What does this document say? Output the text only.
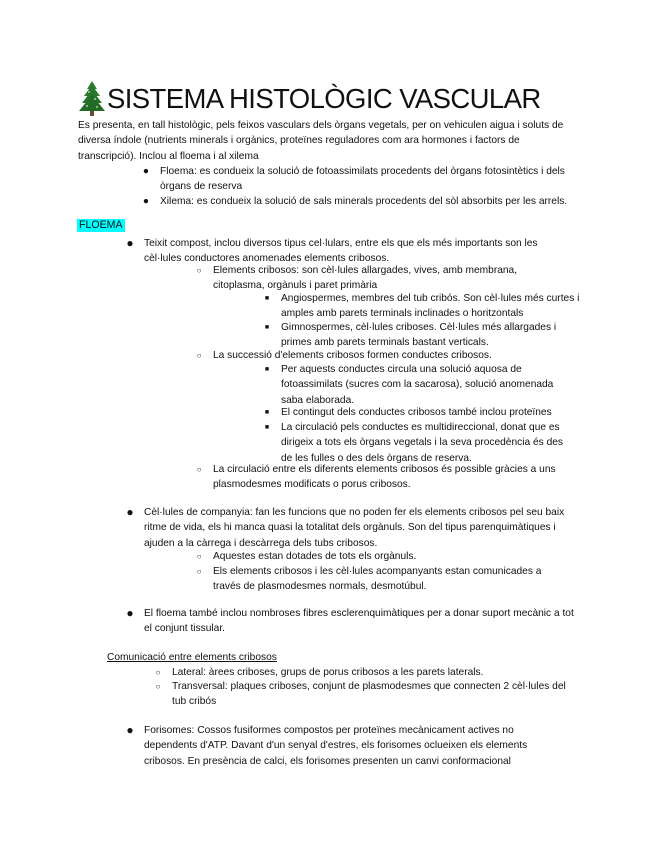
SISTEMA HISTOLÒGIC VASCULAR
Es presenta, en tall histològic, pels feixos vasculars dels òrgans vegetals, per on vehiculen aigua i soluts de diversa índole (nutrients minerals i orgànics, proteïnes reguladores com ara hormones i factors de transcripció). Inclou al floema i al xilema
● Floema: es condueix la solució de fotoassimilats procedents del òrgans fotosintètics i dels òrgans de reserva
● Xilema: es condueix la solució de sals minerals procedents del sòl absorbits per les arrels.
FLOEMA
● Teixit compost, inclou diversos tipus cel·lulars, entre els que els més importants son les cèl·lules conductores anomenades elements cribosos.
○	Elements cribosos: son cèl·lules allargades, vives, amb membrana, citoplasma, orgànuls i paret primària
■	Angiospermes, membres del tub cribós. Son cèl·lules més curtes i amples amb parets terminals inclinades o horitzontals
■	Gimnospermes, cèl·lules criboses. Cèl·lules més allargades i primes amb parets terminals bastant verticals.
○	La successió d'elements cribosos formen conductes cribosos.
■	Per aquests conductes circula una solució aquosa de fotoassimilats (sucres com la sacarosa), solució anomenada saba elaborada.
■	El contingut dels conductes cribosos també inclou proteïnes
■	La circulació pels conductes es multidireccional, donat que es dirigeix a tots els òrgans vegetals i la seva procedència és des de les fulles o des dels òrgans de reserva.
○	La circulació entre els diferents elements cribosos és possible gràcies a uns plasmodesmes modificats o porus cribosos.
● Cèl·lules de companyia: fan les funcions que no poden fer els elements cribosos pel seu baix ritme de vida, els hi manca quasi la totalitat dels orgànuls. Son del tipus parenquimàtiques i ajuden a la càrrega i descàrrega dels tubs cribosos.
○	Aquestes estan dotades de tots els orgànuls.
○	Els elements cribosos i les cèl·lules acompanyants estan comunicades a través de plasmodesmes normals, desmotúbul.
● El floema també inclou nombroses fibres esclerenquimàtiques per a donar suport mecànic a tot el conjunt tissular.
Comunicació entre elements cribosos
○	Lateral: àrees criboses, grups de porus cribosos a les parets laterals.
○	Transversal: plaques criboses, conjunt de plasmodesmes que connecten 2 cèl·lules del tub cribós
● Forisomes: Cossos fusiformes compostos per proteïnes mecànicament actives no dependents d'ATP. Davant d'un senyal d'estres, els forisomes oclueixen els elements cribosos. En presència de calci, els forisomes presenten un canvi conformacional
